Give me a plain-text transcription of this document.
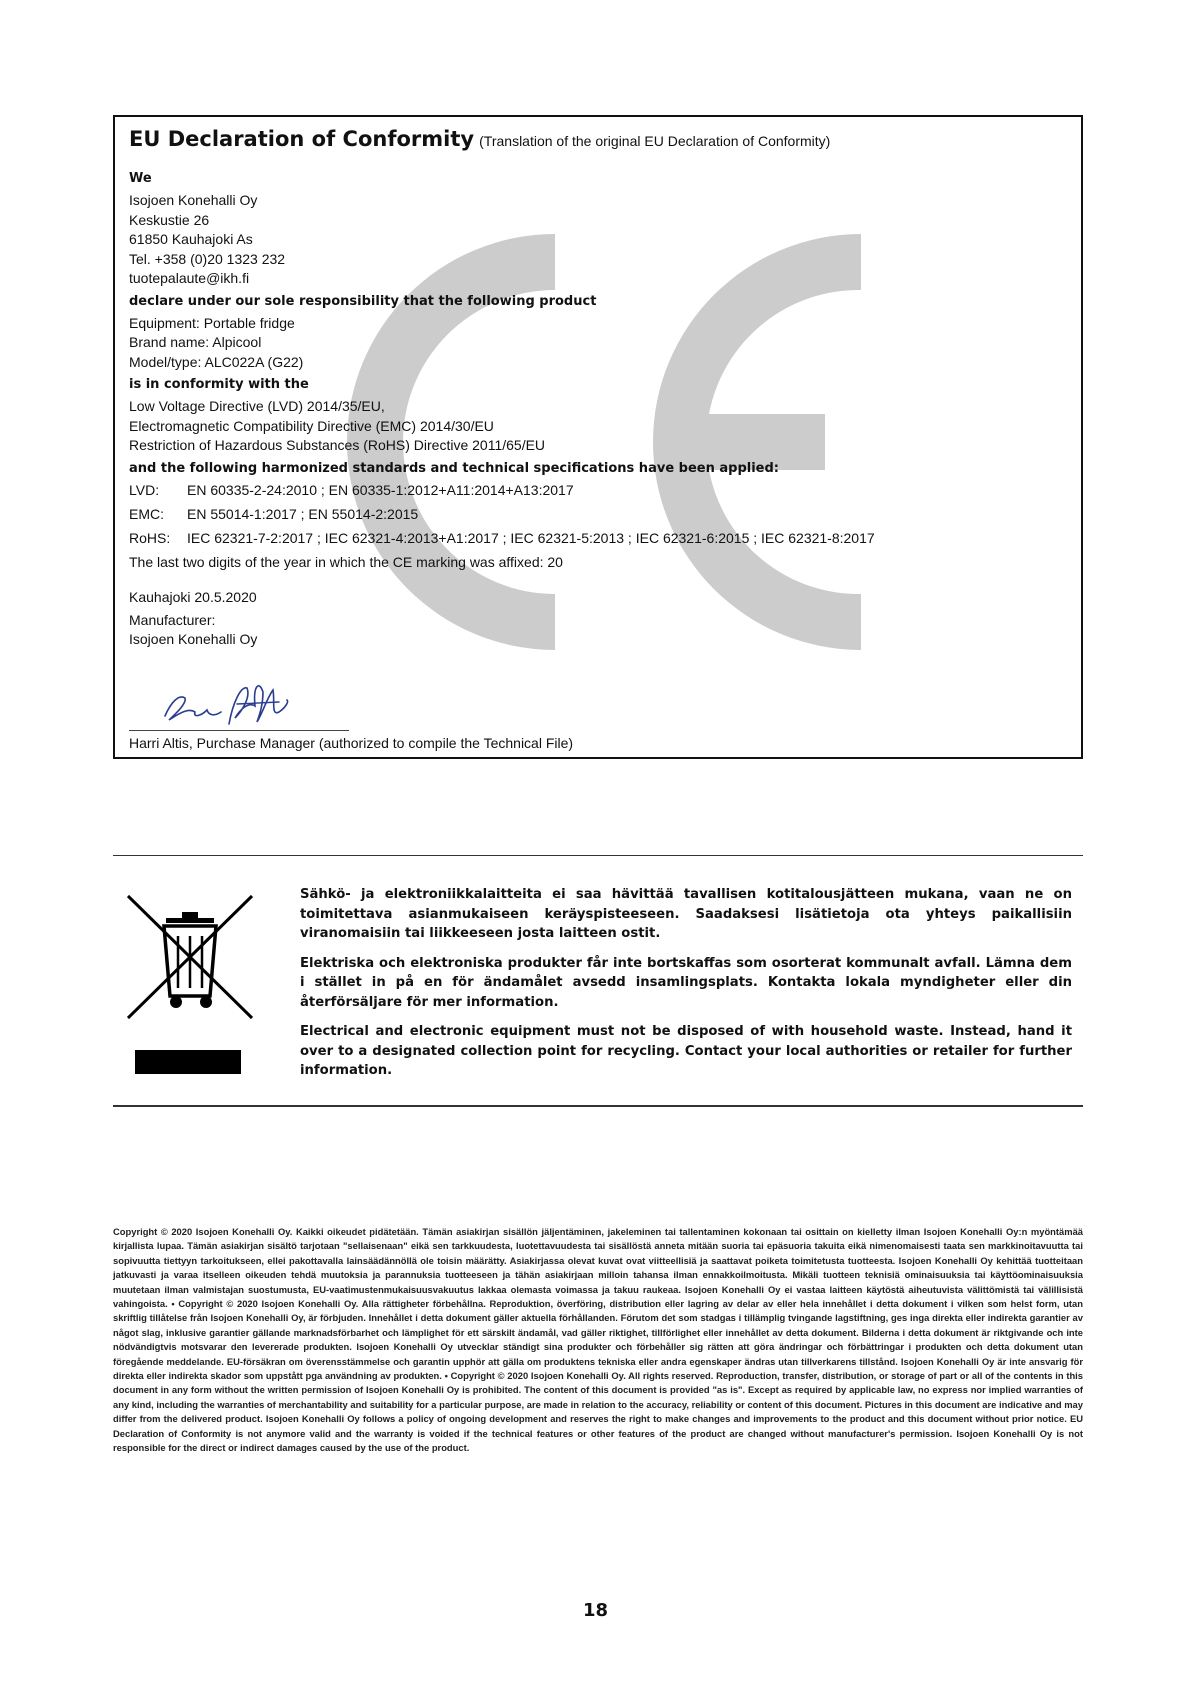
EU Declaration of Conformity (Translation of the original EU Declaration of Conformity)

We

Isojoen Konehalli Oy

Keskustie 26

61850 Kauhajoki As

Tel. +358 (0)20 1323 232

tuotepalaute@ikh.fi

declare under our sole responsibility that the following product

Equipment: Portable fridge

Brand name: Alpicool

Model/type: ALC022A (G22)

is in conformity with the

Low Voltage Directive (LVD) 2014/35/EU,

Electromagnetic Compatibility Directive (EMC) 2014/30/EU

Restriction of Hazardous Substances (RoHS) Directive 2011/65/EU

and the following harmonized standards and technical specifications have been applied:

LVD:	EN 60335-2-24:2010 ; EN 60335-1:2012+A11:2014+A13:2017
EMC:	EN 55014-1:2017 ; EN 55014-2:2015
RoHS:	IEC 62321-7-2:2017 ; IEC 62321-4:2013+A1:2017 ; IEC 62321-5:2013 ; IEC 62321-6:2015 ; IEC 62321-8:2017

The last two digits of the year in which the CE marking was affixed: 20

Kauhajoki 20.5.2020

Manufacturer:

Isojoen Konehalli Oy

Harri Altis, Purchase Manager (authorized to compile the Technical File)

Sähkö- ja elektroniikkalaitteita ei saa hävittää tavallisen kotitalousjätteen mukana, vaan ne on toimitettava asianmukaiseen keräyspisteeseen. Saadaksesi lisätietoja ota yhteys paikallisiin viranomaisiin tai liikkeeseen josta laitteen ostit.

Elektriska och elektroniska produkter får inte bortskaffas som osorterat kommunalt avfall. Lämna dem i stället in på en för ändamålet avsedd insamlingsplats. Kontakta lokala myndigheter eller din återförsäljare för mer information.

Electrical and electronic equipment must not be disposed of with household waste. Instead, hand it over to a designated collection point for recycling. Contact your local authorities or retailer for further information.

Copyright © 2020 Isojoen Konehalli Oy. Kaikki oikeudet pidätetään. Tämän asiakirjan sisällön jäljentäminen, jakeleminen tai tallentaminen kokonaan tai osittain on kielletty ilman Isojoen Konehalli Oy:n myöntämää kirjallista lupaa. Tämän asiakirjan sisältö tarjotaan "sellaisenaan" eikä sen tarkkuudesta, luotettavuudesta tai sisällöstä anneta mitään suoria tai epäsuoria takuita eikä nimenomaisesti taata sen markkinoitavuutta tai sopivuutta tiettyyn tarkoitukseen, ellei pakottavalla lainsäädännöllä ole toisin määrätty. Asiakirjassa olevat kuvat ovat viitteellisiä ja saattavat poiketa toimitetusta tuotteesta. Isojoen Konehalli Oy kehittää tuotteitaan jatkuvasti ja varaa itselleen oikeuden tehdä muutoksia ja parannuksia tuotteeseen ja tähän asiakirjaan milloin tahansa ilman ennakkoilmoitusta. Mikäli tuotteen teknisiä ominaisuuksia tai käyttöominaisuuksia muutetaan ilman valmistajan suostumusta, EU-vaatimustenmukaisuusvakuutus lakkaa olemasta voimassa ja takuu raukeaa. Isojoen Konehalli Oy ei vastaa laitteen käytöstä aiheutuvista välittömistä tai välillisistä vahingoista. • Copyright © 2020 Isojoen Konehalli Oy. Alla rättigheter förbehållna. Reproduktion, överföring, distribution eller lagring av delar av eller hela innehållet i detta dokument i vilken som helst form, utan skriftlig tillåtelse från Isojoen Konehalli Oy, är förbjuden. Innehållet i detta dokument gäller aktuella förhållanden. Förutom det som stadgas i tillämplig tvingande lagstiftning, ges inga direkta eller indirekta garantier av något slag, inklusive garantier gällande marknadsförbarhet och lämplighet för ett särskilt ändamål, vad gäller riktighet, tillförlighet eller innehållet av detta dokument. Bilderna i detta dokument är riktgivande och inte nödvändigtvis motsvarar den levererade produkten. Isojoen Konehalli Oy utvecklar ständigt sina produkter och förbehåller sig rätten att göra ändringar och förbättringar i produkten och detta dokument utan föregående meddelande. EU-försäkran om överensstämmelse och garantin upphör att gälla om produktens tekniska eller andra egenskaper ändras utan tillverkarens tillstånd. Isojoen Konehalli Oy är inte ansvarig för direkta eller indirekta skador som uppstått pga användning av produkten. • Copyright © 2020 Isojoen Konehalli Oy. All rights reserved. Reproduction, transfer, distribution, or storage of part or all of the contents in this document in any form without the written permission of Isojoen Konehalli Oy is prohibited. The content of this document is provided "as is". Except as required by applicable law, no express nor implied warranties of any kind, including the warranties of merchantability and suitability for a particular purpose, are made in relation to the accuracy, reliability or content of this document. Pictures in this document are indicative and may differ from the delivered product. Isojoen Konehalli Oy follows a policy of ongoing development and reserves the right to make changes and improvements to the product and this document without prior notice. EU Declaration of Conformity is not anymore valid and the warranty is voided if the technical features or other features of the product are changed without manufacturer's permission. Isojoen Konehalli Oy is not responsible for the direct or indirect damages caused by the use of the product.
18
